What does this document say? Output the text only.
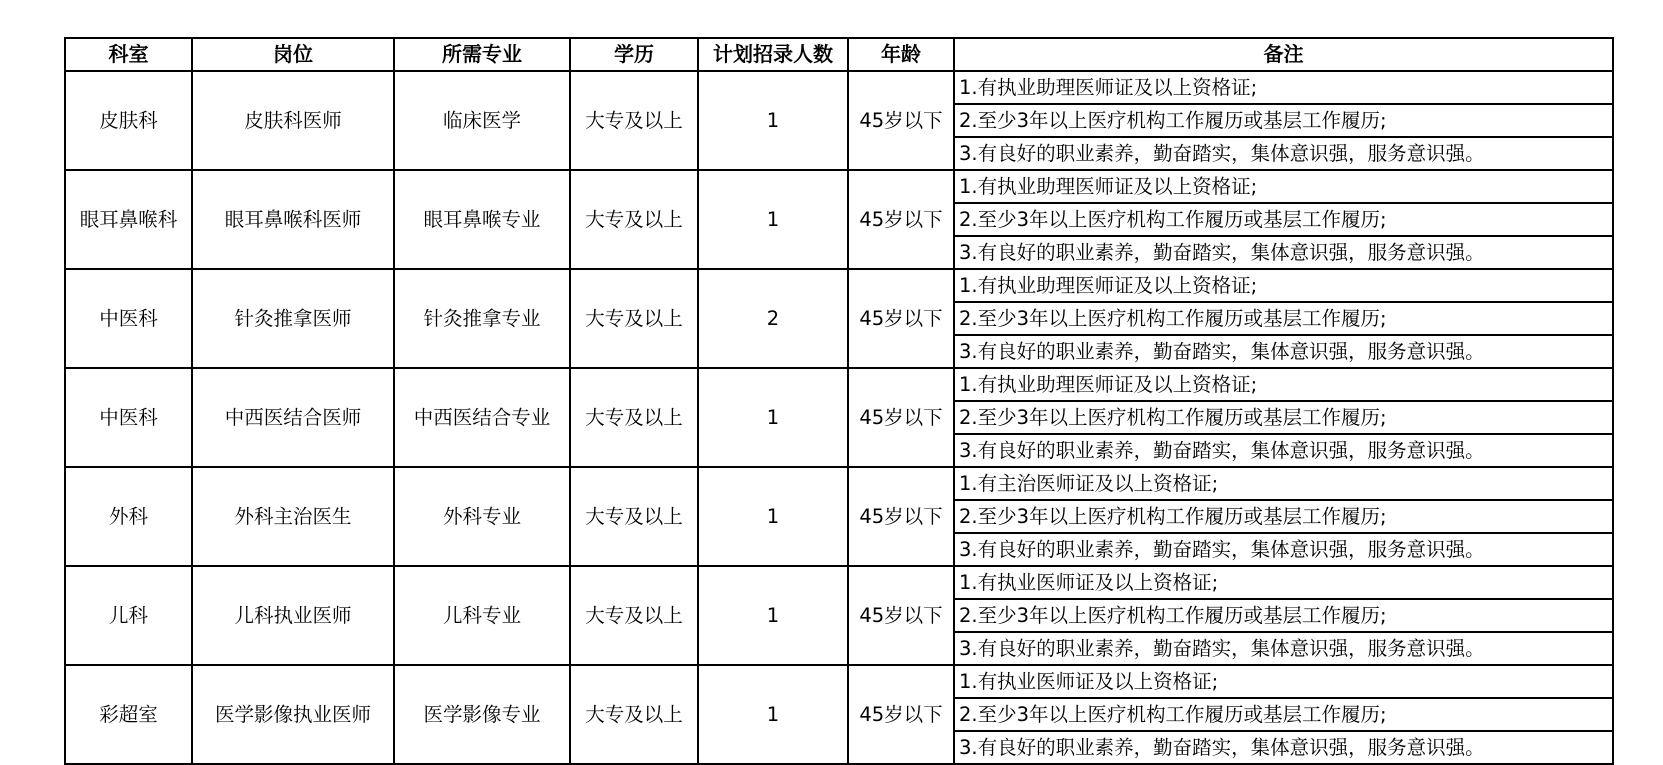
科室	岗位	所需专业	学历	计划招录人数	年龄	备注
皮肤科	皮肤科医师	临床医学	大专及以上	1	45岁以下	1.有执业助理医师证及以上资格证;
						2.至少3年以上医疗机构工作履历或基层工作履历;
						3.有良好的职业素养，勤奋踏实，集体意识强，服务意识强。
眼耳鼻喉科	眼耳鼻喉科医师	眼耳鼻喉专业	大专及以上	1	45岁以下	1.有执业助理医师证及以上资格证;
						2.至少3年以上医疗机构工作履历或基层工作履历;
						3.有良好的职业素养，勤奋踏实，集体意识强，服务意识强。
中医科	针灸推拿医师	针灸推拿专业	大专及以上	2	45岁以下	1.有执业助理医师证及以上资格证;
						2.至少3年以上医疗机构工作履历或基层工作履历;
						3.有良好的职业素养，勤奋踏实，集体意识强，服务意识强。
中医科	中西医结合医师	中西医结合专业	大专及以上	1	45岁以下	1.有执业助理医师证及以上资格证;
						2.至少3年以上医疗机构工作履历或基层工作履历;
						3.有良好的职业素养，勤奋踏实，集体意识强，服务意识强。
外科	外科主治医生	外科专业	大专及以上	1	45岁以下	1.有主治医师证及以上资格证;
						2.至少3年以上医疗机构工作履历或基层工作履历;
						3.有良好的职业素养，勤奋踏实，集体意识强，服务意识强。
儿科	儿科执业医师	儿科专业	大专及以上	1	45岁以下	1.有执业医师证及以上资格证;
						2.至少3年以上医疗机构工作履历或基层工作履历;
						3.有良好的职业素养，勤奋踏实，集体意识强，服务意识强。
彩超室	医学影像执业医师	医学影像专业	大专及以上	1	45岁以下	1.有执业医师证及以上资格证;
						2.至少3年以上医疗机构工作履历或基层工作履历;
						3.有良好的职业素养，勤奋踏实，集体意识强，服务意识强。
